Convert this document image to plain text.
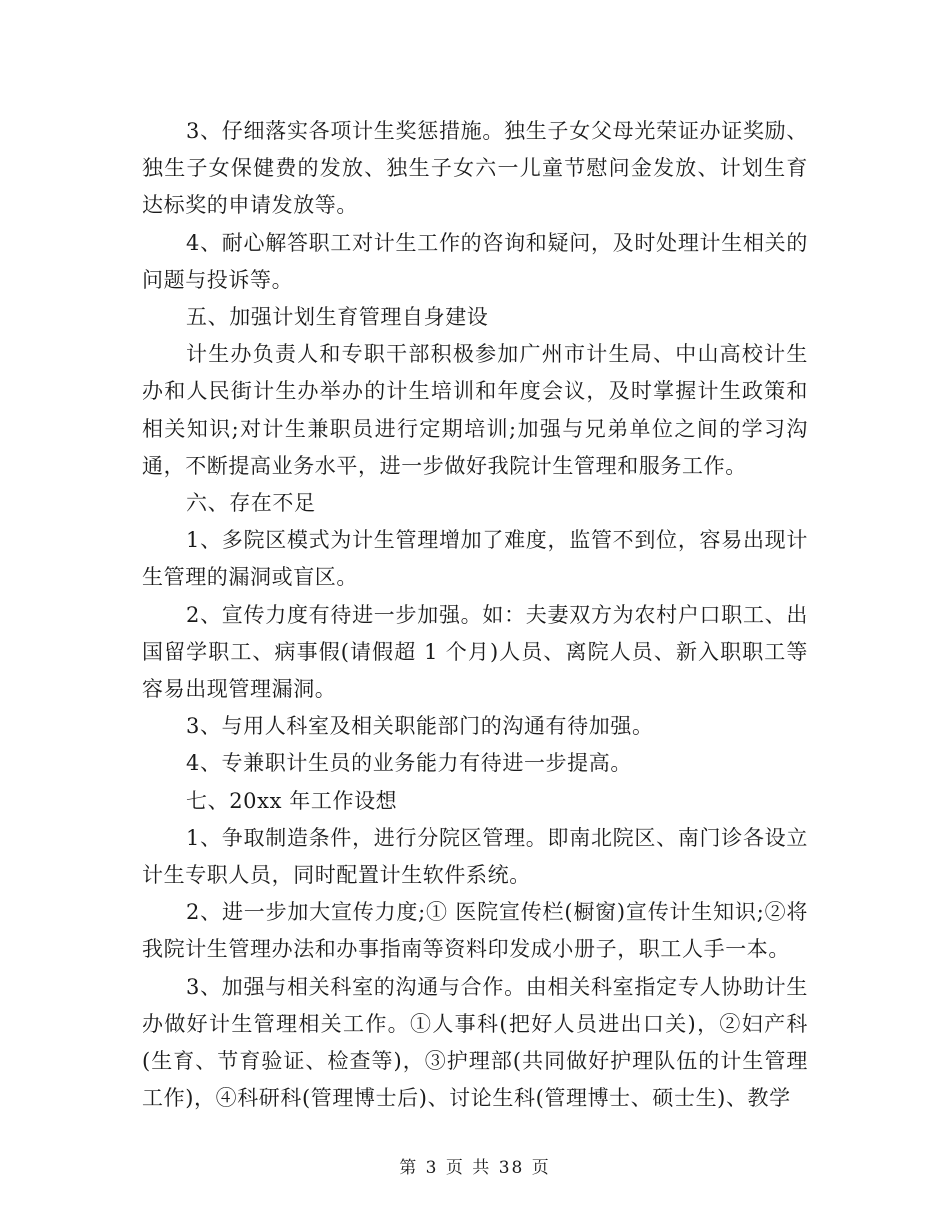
3、仔细落实各项计生奖惩措施。独生子女父母光荣证办证奖励、独生子女保健费的发放、独生子女六一儿童节慰问金发放、计划生育达标奖的申请发放等。

4、耐心解答职工对计生工作的咨询和疑问，及时处理计生相关的问题与投诉等。

五、加强计划生育管理自身建设

计生办负责人和专职干部积极参加广州市计生局、中山高校计生办和人民街计生办举办的计生培训和年度会议，及时掌握计生政策和相关知识;对计生兼职员进行定期培训;加强与兄弟单位之间的学习沟通，不断提高业务水平，进一步做好我院计生管理和服务工作。

六、存在不足

1、多院区模式为计生管理增加了难度，监管不到位，容易出现计生管理的漏洞或盲区。

2、宣传力度有待进一步加强。如：夫妻双方为农村户口职工、出国留学职工、病事假(请假超 1 个月)人员、离院人员、新入职职工等容易出现管理漏洞。

3、与用人科室及相关职能部门的沟通有待加强。

4、专兼职计生员的业务能力有待进一步提高。

七、20xx 年工作设想

1、争取制造条件，进行分院区管理。即南北院区、南门诊各设立计生专职人员，同时配置计生软件系统。

2、进一步加大宣传力度;① 医院宣传栏(橱窗)宣传计生知识;②将我院计生管理办法和办事指南等资料印发成小册子，职工人手一本。

3、加强与相关科室的沟通与合作。由相关科室指定专人协助计生办做好计生管理相关工作。①人事科(把好人员进出口关)，②妇产科(生育、节育验证、检查等)，③护理部(共同做好护理队伍的计生管理工作)，④科研科(管理博士后)、讨论生科(管理博士、硕士生)、教学

第 3 页 共 38 页
